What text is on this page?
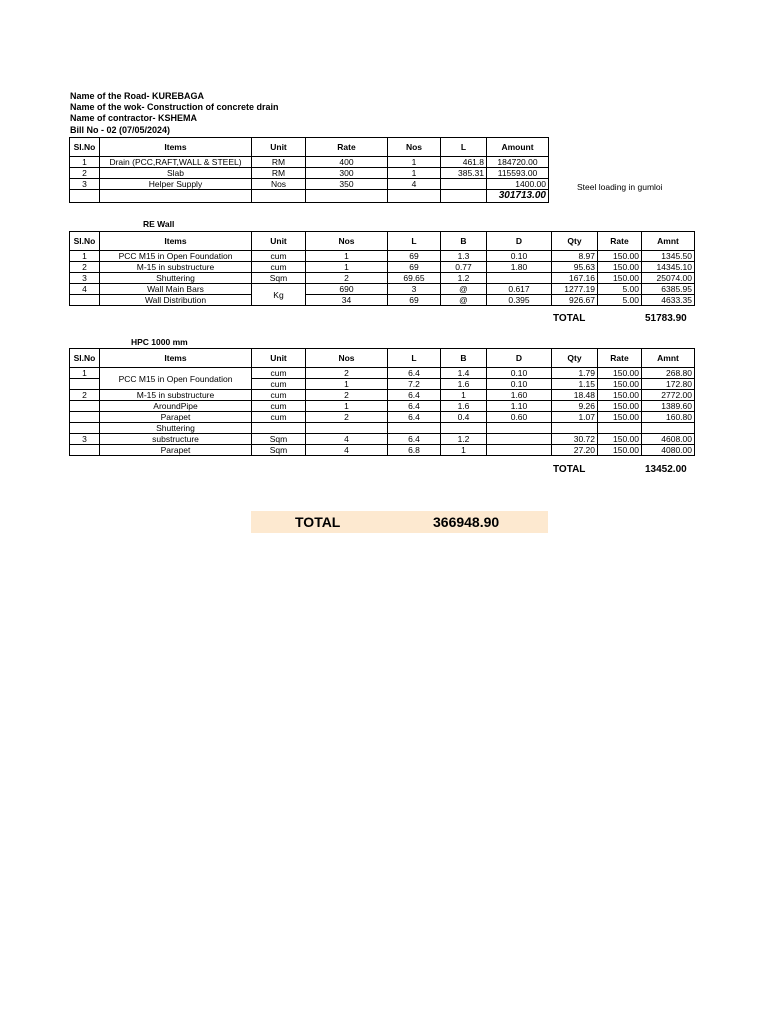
Name of the Road- KUREBAGA
Name of the wok- Construction of concrete drain
Name of contractor- KSHEMA
Bill No - 02 (07/05/2024)
Sl.No	Items	Unit	Rate	Nos	L	Amount
1	Drain (PCC,RAFT,WALL & STEEL)	RM	400	1	461.8	184720.00
2	Slab	RM	300	1	385.31	115593.00
3	Helper Supply	Nos	350	4		1400.00
						301713.00
Steel loading in gumloi
RE Wall
Sl.No	Items	Unit	Nos	L	B	D	Qty	Rate	Amnt
1	PCC M15 in Open Foundation	cum	1	69	1.3	0.10	8.97	150.00	1345.50
2	M-15 in substructure	cum	1	69	0.77	1.80	95.63	150.00	14345.10
3	Shuttering	Sqm	2	69.65	1.2		167.16	150.00	25074.00
4	Wall Main Bars	Kg	690	3	@	0.617	1277.19	5.00	6385.95
	Wall Distribution		34	69	@	0.395	926.67	5.00	4633.35
TOTAL	51783.90
HPC 1000 mm
Sl.No	Items	Unit	Nos	L	B	D	Qty	Rate	Amnt
1	PCC M15 in Open Foundation	cum	2	6.4	1.4	0.10	1.79	150.00	268.80
		cum	1	7.2	1.6	0.10	1.15	150.00	172.80
2	M-15 in substructure	cum	2	6.4	1	1.60	18.48	150.00	2772.00
	AroundPipe	cum	1	6.4	1.6	1.10	9.26	150.00	1389.60
	Parapet	cum	2	6.4	0.4	0.60	1.07	150.00	160.80
	Shuttering								
3	substructure	Sqm	4	6.4	1.2		30.72	150.00	4608.00
	Parapet	Sqm	4	6.8	1		27.20	150.00	4080.00
TOTAL	13452.00
TOTAL	366948.90
